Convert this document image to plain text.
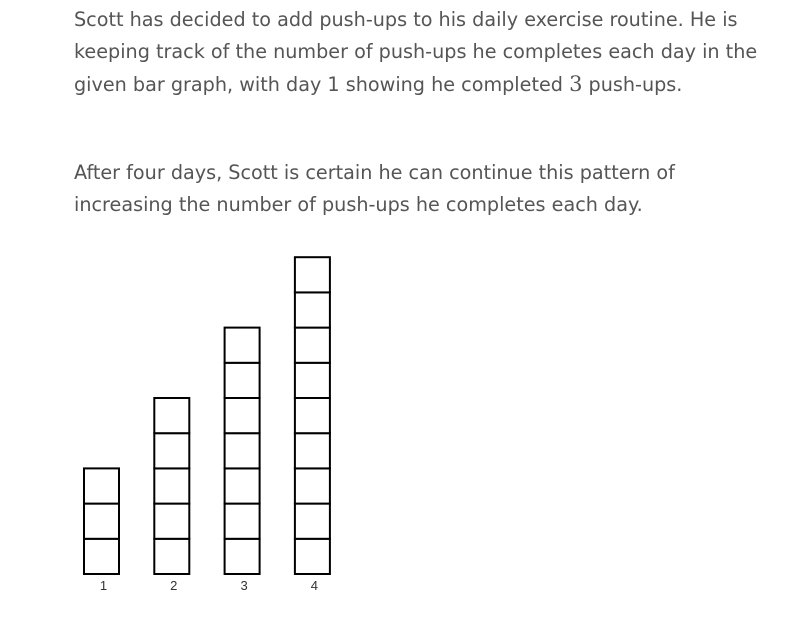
Scott has decided to add push-ups to his daily exercise routine. He is keeping track of the number of push-ups he completes each day in the given bar graph, with day 1 showing he completed 3 push-ups.
After four days, Scott is certain he can continue this pattern of increasing the number of push-ups he completes each day.
1	2	3	4
